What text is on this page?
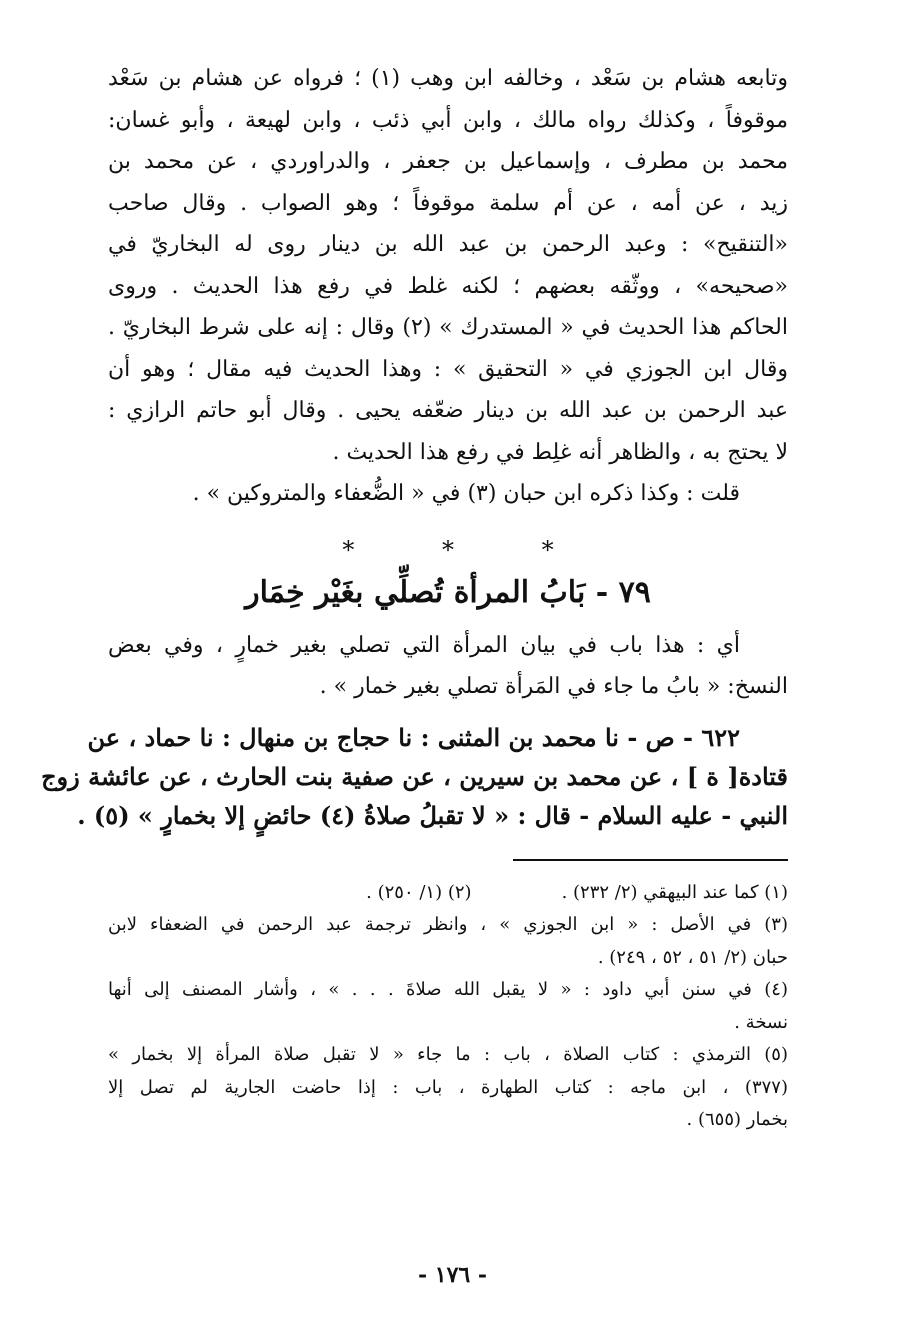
وتابعه هشام بن سَعْد ، وخالفه ابن وهب (١) ؛ فرواه عن هشام بن سَعْد
موقوفاً ، وكذلك رواه مالك ، وابن أبي ذئب ، وابن لهيعة ، وأبو غسان:
محمد بن مطرف ، وإسماعيل بن جعفر ، والدراوردي ، عن محمد بن
زيد ، عن أمه ، عن أم سلمة موقوفاً ؛ وهو الصواب . وقال صاحب
«التنقيح» : وعبد الرحمن بن عبد الله بن دينار روى له البخاريّ في
«صحيحه» ، ووثّقه بعضهم ؛ لكنه غلط في رفع هذا الحديث . وروى
الحاكم هذا الحديث في « المستدرك » (٢) وقال : إنه على شرط البخاريّ .
وقال ابن الجوزي في « التحقيق » : وهذا الحديث فيه مقال ؛ وهو أن
عبد الرحمن بن عبد الله بن دينار ضعّفه يحيى . وقال أبو حاتم الرازي :
لا يحتج به ، والظاهر أنه غلِط في رفع هذا الحديث .
قلت : وكذا ذكره ابن حبان (٣) في « الضُّعفاء والمتروكين » .
* * *
٧٩ - بَابُ المرأة تُصلِّي بغَيْر خِمَار
أي : هذا باب في بيان المرأة التي تصلي بغير خمارٍ ، وفي بعض
النسخ: « بابُ ما جاء في المَرأة تصلي بغير خمار » .
٦٢٢ - ص - نا محمد بن المثنى : نا حجاج بن منهال : نا حماد ، عن
قتادة[ ة ] ، عن محمد بن سيرين ، عن صفية بنت الحارث ، عن عائشة زوج
النبي - عليه السلام - قال : « لا تقبلُ صلاةُ (٤) حائضٍ إلا بخمارٍ » (٥) .
(١) كما عند البيهقي (٢/ ٢٣٢) .
(٢) (١/ ٢٥٠) .
(٣) في الأصل : « ابن الجوزي » ، وانظر ترجمة عبد الرحمن في الضعفاء لابن
حبان (٢/ ٥١ ، ٥٢ ، ٢٤٩) .
(٤) في سنن أبي داود : « لا يقبل الله صلاةَ . . . » ، وأشار المصنف إلى أنها
نسخة .
(٥) الترمذي : كتاب الصلاة ، باب : ما جاء « لا تقبل صلاة المرأة إلا بخمار »
(٣٧٧) ، ابن ماجه : كتاب الطهارة ، باب : إذا حاضت الجارية لم تصل إلا
بخمار (٦٥٥) .
- ١٧٦ -
